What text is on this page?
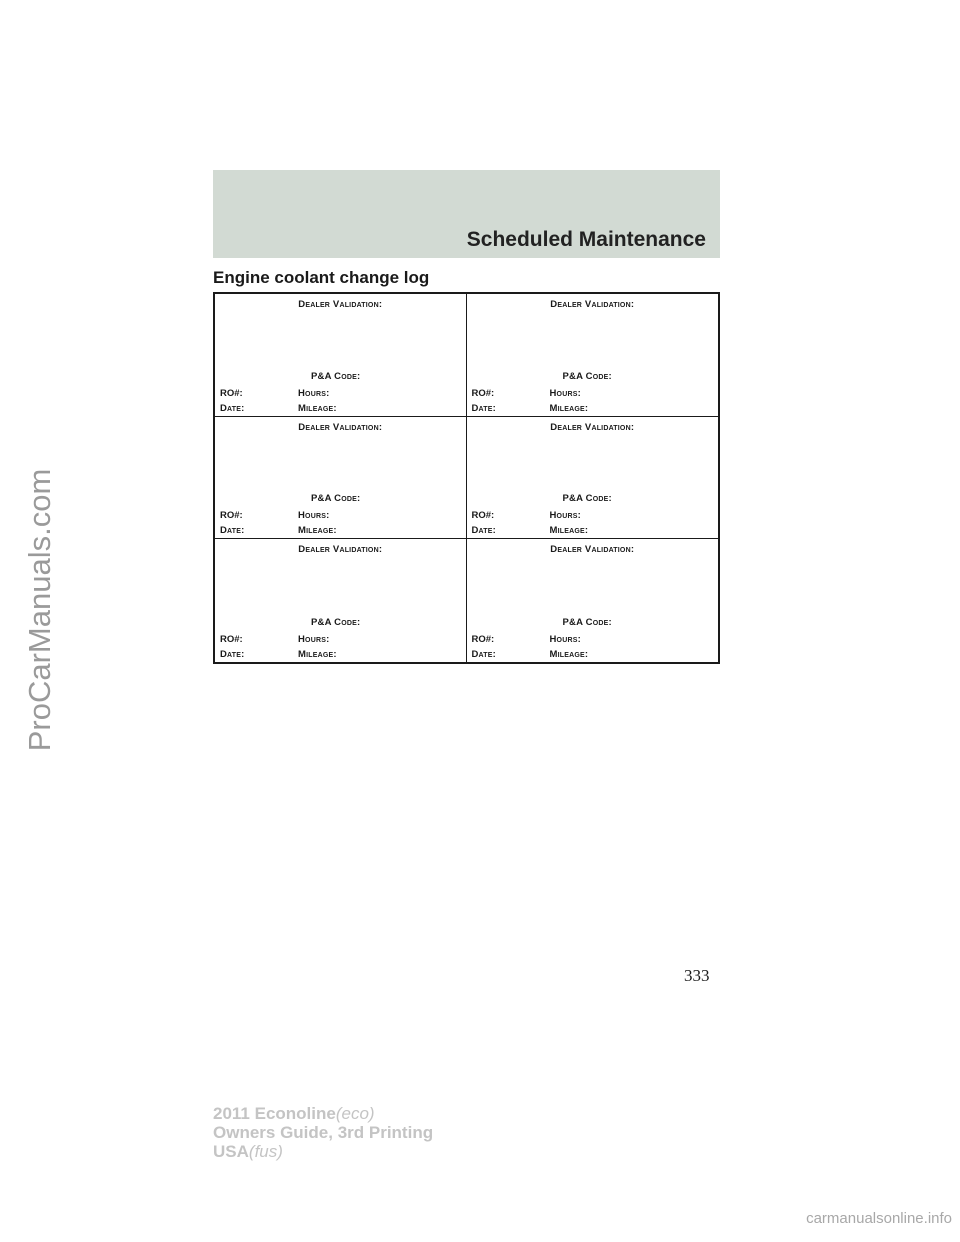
ProCarManuals.com
Scheduled Maintenance
Engine coolant change log
Dealer Validation:
P&A Code:
RO#:	Hours:
Date:	Mileage:
Dealer Validation:
P&A Code:
RO#:	Hours:
Date:	Mileage:
Dealer Validation:
P&A Code:
RO#:	Hours:
Date:	Mileage:
Dealer Validation:
P&A Code:
RO#:	Hours:
Date:	Mileage:
Dealer Validation:
P&A Code:
RO#:	Hours:
Date:	Mileage:
Dealer Validation:
P&A Code:
RO#:	Hours:
Date:	Mileage:
333
2011 Econoline(eco)
Owners Guide, 3rd Printing
USA(fus)
carmanualsonline.info
